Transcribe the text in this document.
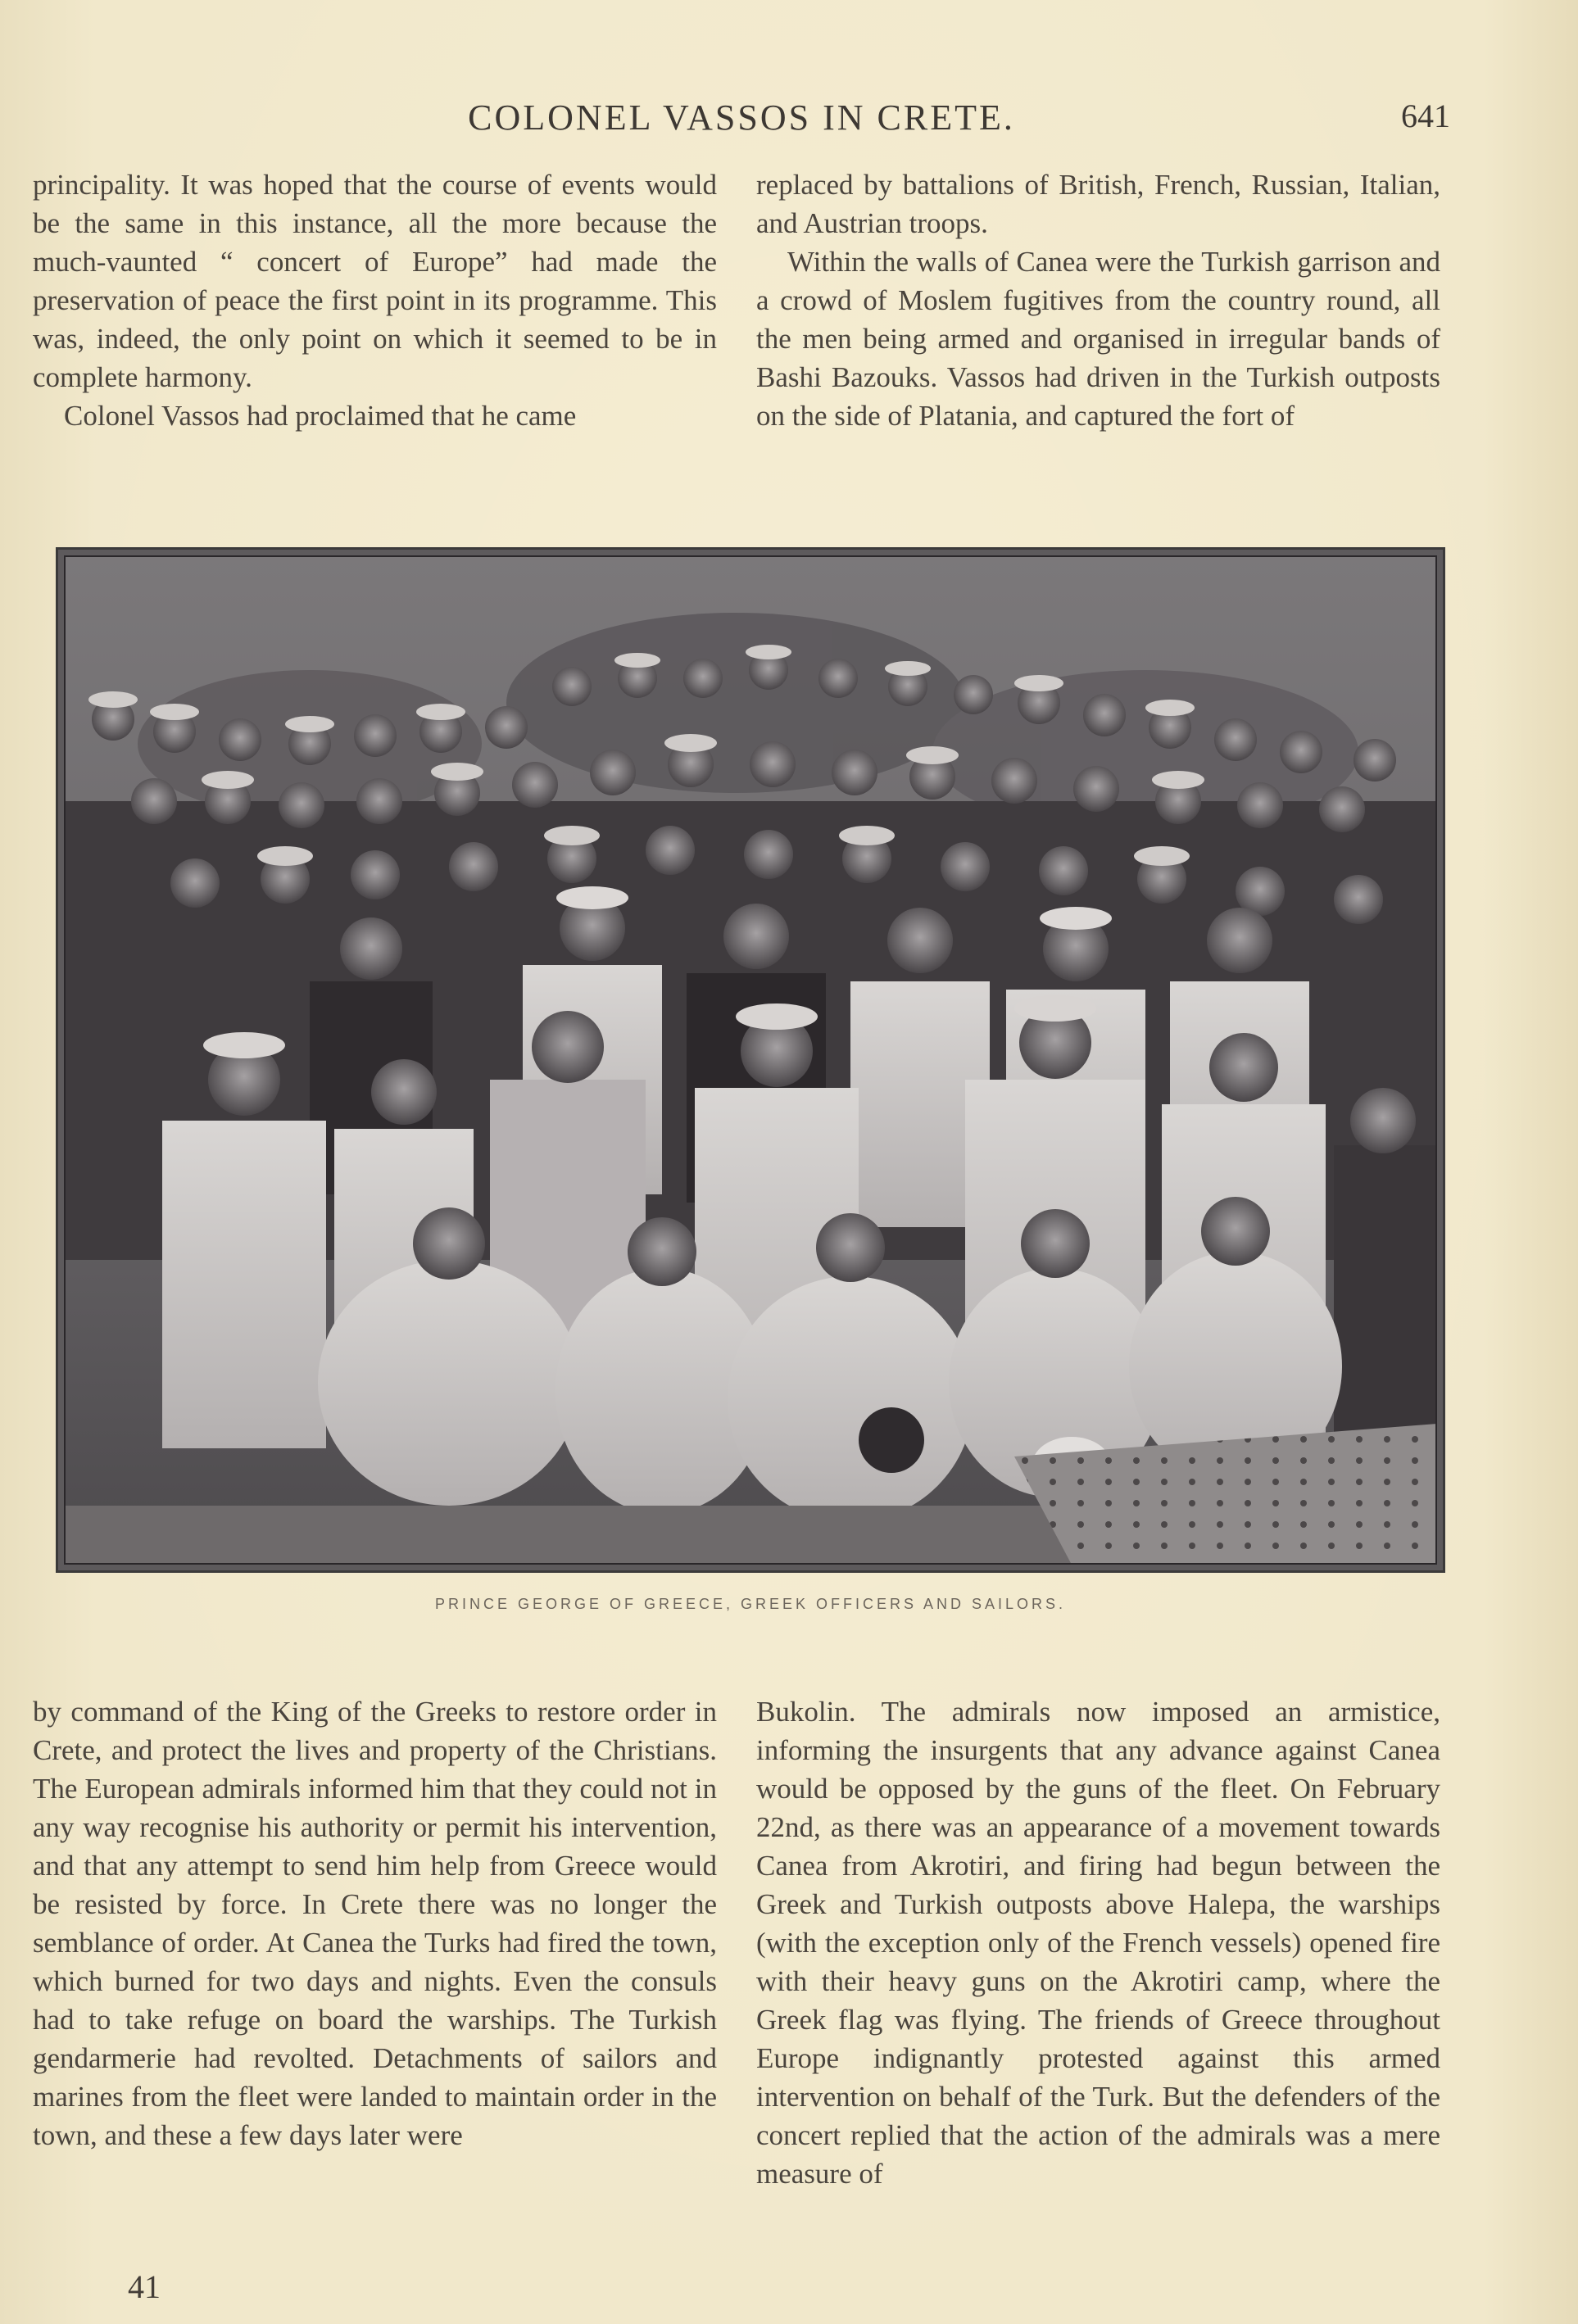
COLONEL VASSOS IN CRETE.	641

principality. It was hoped that the course of events would be the same in this instance, all the more because the much-vaunted “ concert of Europe” had made the preservation of peace the first point in its programme. This was, indeed, the only point on which it seemed to be in complete harmony.

Colonel Vassos had proclaimed that he came

replaced by battalions of British, French, Russian, Italian, and Austrian troops.

Within the walls of Canea were the Turkish garrison and a crowd of Moslem fugitives from the country round, all the men being armed and organised in irregular bands of Bashi Bazouks. Vassos had driven in the Turkish outposts on the side of Platania, and captured the fort of

PRINCE GEORGE OF GREECE, GREEK OFFICERS AND SAILORS.

by command of the King of the Greeks to restore order in Crete, and protect the lives and property of the Christians. The European admirals informed him that they could not in any way recognise his authority or permit his intervention, and that any attempt to send him help from Greece would be resisted by force. In Crete there was no longer the semblance of order. At Canea the Turks had fired the town, which burned for two days and nights. Even the consuls had to take refuge on board the warships. The Turkish gendarmerie had revolted. Detachments of sailors and marines from the fleet were landed to maintain order in the town, and these a few days later were

Bukolin. The admirals now imposed an armistice, informing the insurgents that any advance against Canea would be opposed by the guns of the fleet. On February 22nd, as there was an appearance of a movement towards Canea from Akrotiri, and firing had begun between the Greek and Turkish outposts above Halepa, the warships (with the exception only of the French vessels) opened fire with their heavy guns on the Akrotiri camp, where the Greek flag was flying. The friends of Greece throughout Europe indignantly protested against this armed intervention on behalf of the Turk. But the defenders of the concert replied that the action of the admirals was a mere measure of

41
